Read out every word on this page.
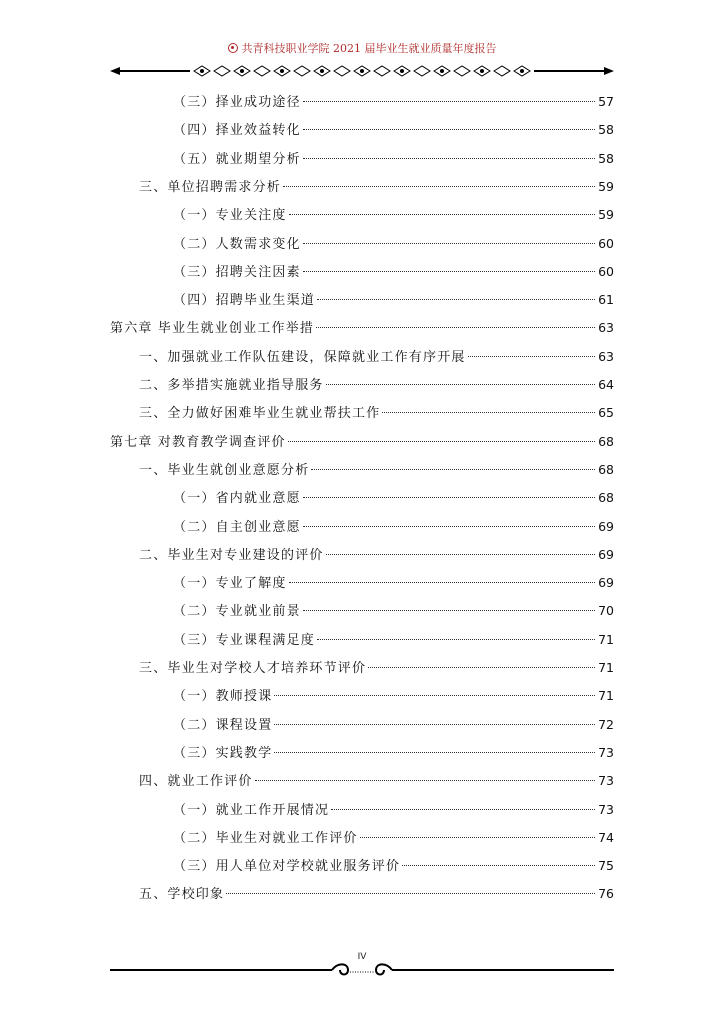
共青科技职业学院 2021 届毕业生就业质量年度报告
（三）择业成功途径	57
（四）择业效益转化	58
（五）就业期望分析	58
三、单位招聘需求分析	59
（一）专业关注度	59
（二）人数需求变化	60
（三）招聘关注因素	60
（四）招聘毕业生渠道	61
第六章 毕业生就业创业工作举措	63
一、加强就业工作队伍建设，保障就业工作有序开展	63
二、多举措实施就业指导服务	64
三、全力做好困难毕业生就业帮扶工作	65
第七章 对教育教学调查评价	68
一、毕业生就创业意愿分析	68
（一）省内就业意愿	68
（二）自主创业意愿	69
二、毕业生对专业建设的评价	69
（一）专业了解度	69
（二）专业就业前景	70
（三）专业课程满足度	71
三、毕业生对学校人才培养环节评价	71
（一）教师授课	71
（二）课程设置	72
（三）实践教学	73
四、就业工作评价	73
（一）就业工作开展情况	73
（二）毕业生对就业工作评价	74
（三）用人单位对学校就业服务评价	75
五、学校印象	76
IV
